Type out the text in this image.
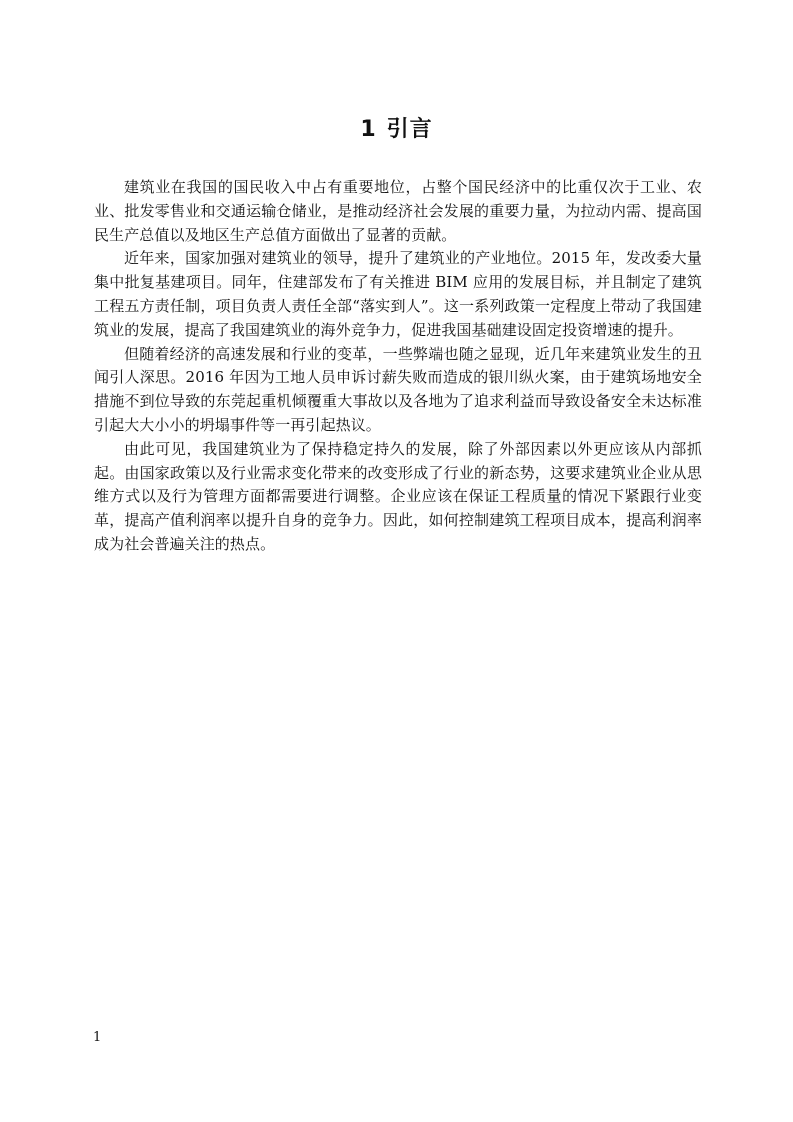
1 引言

建筑业在我国的国民收入中占有重要地位，占整个国民经济中的比重仅次于工业、农业、批发零售业和交通运输仓储业，是推动经济社会发展的重要力量，为拉动内需、提高国民生产总值以及地区生产总值方面做出了显著的贡献。

近年来，国家加强对建筑业的领导，提升了建筑业的产业地位。2015 年，发改委大量集中批复基建项目。同年，住建部发布了有关推进 BIM 应用的发展目标，并且制定了建筑工程五方责任制，项目负责人责任全部“落实到人”。这一系列政策一定程度上带动了我国建筑业的发展，提高了我国建筑业的海外竞争力，促进我国基础建设固定投资增速的提升。

但随着经济的高速发展和行业的变革，一些弊端也随之显现，近几年来建筑业发生的丑闻引人深思。2016 年因为工地人员申诉讨薪失败而造成的银川纵火案，由于建筑场地安全措施不到位导致的东莞起重机倾覆重大事故以及各地为了追求利益而导致设备安全未达标准引起大大小小的坍塌事件等一再引起热议。

由此可见，我国建筑业为了保持稳定持久的发展，除了外部因素以外更应该从内部抓起。由国家政策以及行业需求变化带来的改变形成了行业的新态势，这要求建筑业企业从思维方式以及行为管理方面都需要进行调整。企业应该在保证工程质量的情况下紧跟行业变革，提高产值利润率以提升自身的竞争力。因此，如何控制建筑工程项目成本，提高利润率成为社会普遍关注的热点。

1
